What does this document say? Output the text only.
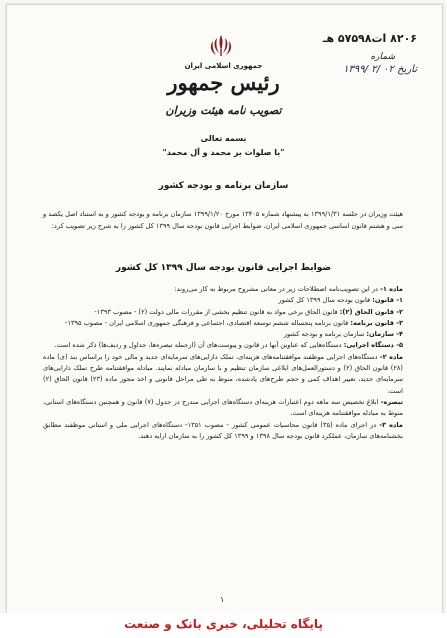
۸۲۰۶ ات۵۷۵۹۸ هـ
شماره
تاریخ ۰۲ /۲ /۱۳۹۹
جمهوری اسلامی ایران
رئیس جمهور
تصویب نامه هیئت وزیران
بسمه تعالی
"با صلوات بر محمد و آل محمد"
سازمان برنامه و بودجه کشور
هیئت وزیران در جلسه ۱۳۹۹/۱/۳۱ به پیشنهاد شماره ۱۳۴۰۵ مورخ ۱۳۹۹/۱/۲۰ سازمان برنامه و بودجه کشور و به استناد اصل یکصد و سی و هشتم قانون اساسی جمهوری اسلامی ایران، ضوابط اجرایی قانون بودجه سال ۱۳۹۹ کل کشور را به شرح زیر تصویب کرد:
ضوابط اجرایی قانون بودجه سال ۱۳۹۹ کل کشور

ماده ۱- در این تصویب‌نامه اصطلاحات زیر در معانی مشروح مربوط به کار می‌روند:

۱- قانون: قانون بودجه سال ۱۳۹۹ کل کشور

۲- قانون الحاق (۲): قانون الحاق برخی مواد به قانون تنظیم بخشی از مقررات مالی دولت (۲) - مصوب ۱۳۹۳-

۳- قانون برنامه: قانون برنامه پنجساله ششم توسعه اقتصادی، اجتماعی و فرهنگی جمهوری اسلامی ایران - مصوب ۱۳۹۵-

۴- سازمان: سازمان برنامه و بودجه کشور

۵- دستگاه اجرایی: دستگاه‌هایی که عناوین آنها در قانون و پیوست‌های آن (ازجمله تبصره‌ها، جداول و ردیف‌ها) ذکر شده است.

ماده ۲- دستگاه‌های اجرایی موظفند موافقتنامه‌های هزینه‌ای، تملک دارایی‌های سرمایه‌ای جدید و مالی خود را براساس بند (ی) ماده (۲۸) قانون الحاق (۲) و دستورالعمل‌های ابلاغی سازمان تنظیم و با سازمان مبادله نمایند. مبادله موافقتنامه طرح تملک دارایی‌های سرمایه‌ای جدید، تغییر اهداف کمی و حجم طرح‌های یادشده، منوط به طی مراحل قانونی و اخذ مجوز ماده (۲۳) قانون الحاق (۲) است.

تبصره- ابلاغ تخصیص سه ماهه دوم اعتبارات هزینه‌ای دستگاه‌های اجرایی مندرج در جدول (۷) قانون و همچنین دستگاه‌های استانی، منوط به مبادله موافقتنامه هزینه‌ای است.

ماده ۳- در اجرای ماده (۳۵) قانون محاسبات عمومی کشور - مصوب ۱۳۵۱- دستگاه‌های اجرایی ملی و استانی موظفند مطابق بخشنامه‌های سازمان، عملکرد قانون بودجه سال ۱۳۹۸ و ۱۳۹۹ کل کشور را به سازمان ارایه دهند.

۱
پایگاه تحلیلی، خبری بانک و صنعت
